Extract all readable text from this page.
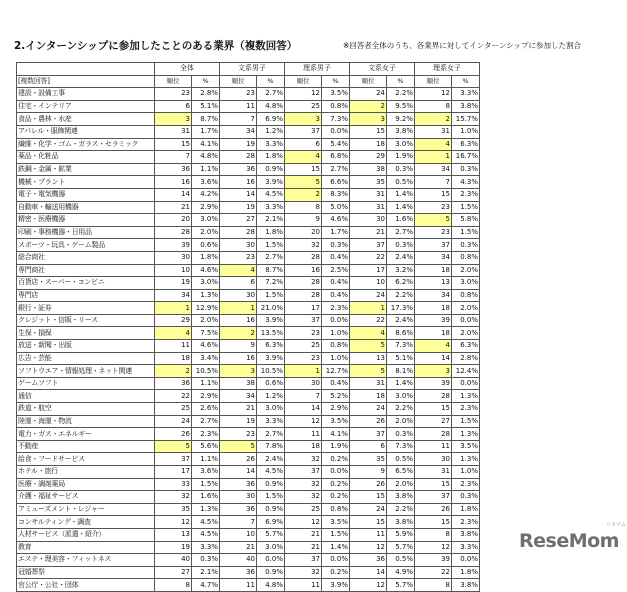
2.インターンシップに参加したことのある業界（複数回答）	※回答者全体のうち、各業界に対してインターンシップに参加した割合
	全体		文系男子		理系男子		文系女子		理系女子	
[複数回答]	順位	%	順位	%	順位	%	順位	%	順位	%
建設・設備工事	23	2.8%	23	2.7%	12	3.5%	24	2.2%	12	3.3%
住宅・インテリア	6	5.1%	11	4.8%	25	0.8%	2	9.5%	8	3.8%
食品・農林・水産	3	8.7%	7	6.9%	3	7.3%	3	9.2%	2	15.7%
アパレル・服飾関連	31	1.7%	34	1.2%	37	0.0%	15	3.8%	31	1.0%
繊維・化学・ゴム・ガラス・セラミック	15	4.1%	19	3.3%	6	5.4%	18	3.0%	4	6.3%
薬品・化粧品	7	4.8%	28	1.8%	4	6.8%	29	1.9%	1	16.7%
鉄鋼・金属・鉱業	36	1.1%	36	0.9%	15	2.7%	38	0.3%	34	0.3%
機械・プラント	16	3.6%	16	3.9%	5	6.6%	35	0.5%	7	4.3%
電子・電気機器	14	4.2%	14	4.5%	2	8.3%	31	1.4%	15	2.3%
自動車・輸送用機器	21	2.9%	19	3.3%	8	5.0%	31	1.4%	23	1.5%
精密・医療機器	20	3.0%	27	2.1%	9	4.6%	30	1.6%	5	5.8%
印刷・事務機器・日用品	28	2.0%	28	1.8%	20	1.7%	21	2.7%	23	1.5%
スポーツ・玩具・ゲーム製品	39	0.6%	30	1.5%	32	0.3%	37	0.3%	37	0.3%
総合商社	30	1.8%	23	2.7%	28	0.4%	22	2.4%	34	0.8%
専門商社	10	4.6%	4	8.7%	16	2.5%	17	3.2%	18	2.0%
百貨店・スーパー・コンビニ	19	3.0%	6	7.2%	28	0.4%	10	6.2%	13	3.0%
専門店	34	1.3%	30	1.5%	28	0.4%	24	2.2%	34	0.8%
銀行・証券	1	12.9%	1	21.0%	17	2.3%	1	17.3%	18	2.0%
クレジット・信販・リース	29	2.0%	16	3.9%	37	0.0%	22	2.4%	39	0.0%
生保・損保	4	7.5%	2	13.5%	23	1.0%	4	8.6%	18	2.0%
放送・新聞・出版	11	4.6%	9	6.3%	25	0.8%	5	7.3%	4	6.3%
広告・芸能	18	3.4%	16	3.9%	23	1.0%	13	5.1%	14	2.8%
ソフトウエア・情報処理・ネット関連	2	10.5%	3	10.5%	1	12.7%	5	8.1%	3	12.4%
ゲームソフト	36	1.1%	38	0.6%	30	0.4%	31	1.4%	39	0.0%
通信	22	2.9%	34	1.2%	7	5.2%	18	3.0%	28	1.3%
鉄道・航空	25	2.6%	21	3.0%	14	2.9%	24	2.2%	15	2.3%
陸運・海運・物流	24	2.7%	19	3.3%	12	3.5%	26	2.0%	27	1.5%
電力・ガス・エネルギー	26	2.3%	23	2.7%	11	4.1%	37	0.3%	28	1.3%
不動産	5	5.6%	5	7.8%	18	1.9%	6	7.3%	11	3.5%
給食・フードサービス	37	1.1%	26	2.4%	32	0.2%	35	0.5%	30	1.3%
ホテル・旅行	17	3.6%	14	4.5%	37	0.0%	9	6.5%	31	1.0%
医療・調剤薬局	33	1.5%	36	0.9%	32	0.2%	26	2.0%	15	2.3%
介護・福祉サービス	32	1.6%	30	1.5%	32	0.2%	15	3.8%	37	0.3%
アミューズメント・レジャー	35	1.3%	36	0.9%	25	0.8%	24	2.2%	26	1.8%
コンサルティング・調査	12	4.5%	7	6.9%	12	3.5%	15	3.8%	15	2.3%
人材サービス（派遣・紹介）	13	4.5%	10	5.7%	21	1.5%	11	5.9%	8	3.8%
教育	19	3.3%	21	3.0%	21	1.4%	12	5.7%	12	3.3%
エステ・理美容・フィットネス	40	0.3%	40	0.0%	37	0.0%	36	0.5%	39	0.0%
冠婚葬祭	27	2.1%	36	0.9%	32	0.2%	14	4.9%	22	1.8%
官公庁・公社・団体	8	4.7%	11	4.8%	11	3.9%	12	5.7%	8	3.8%
リセマム
ReseMom
